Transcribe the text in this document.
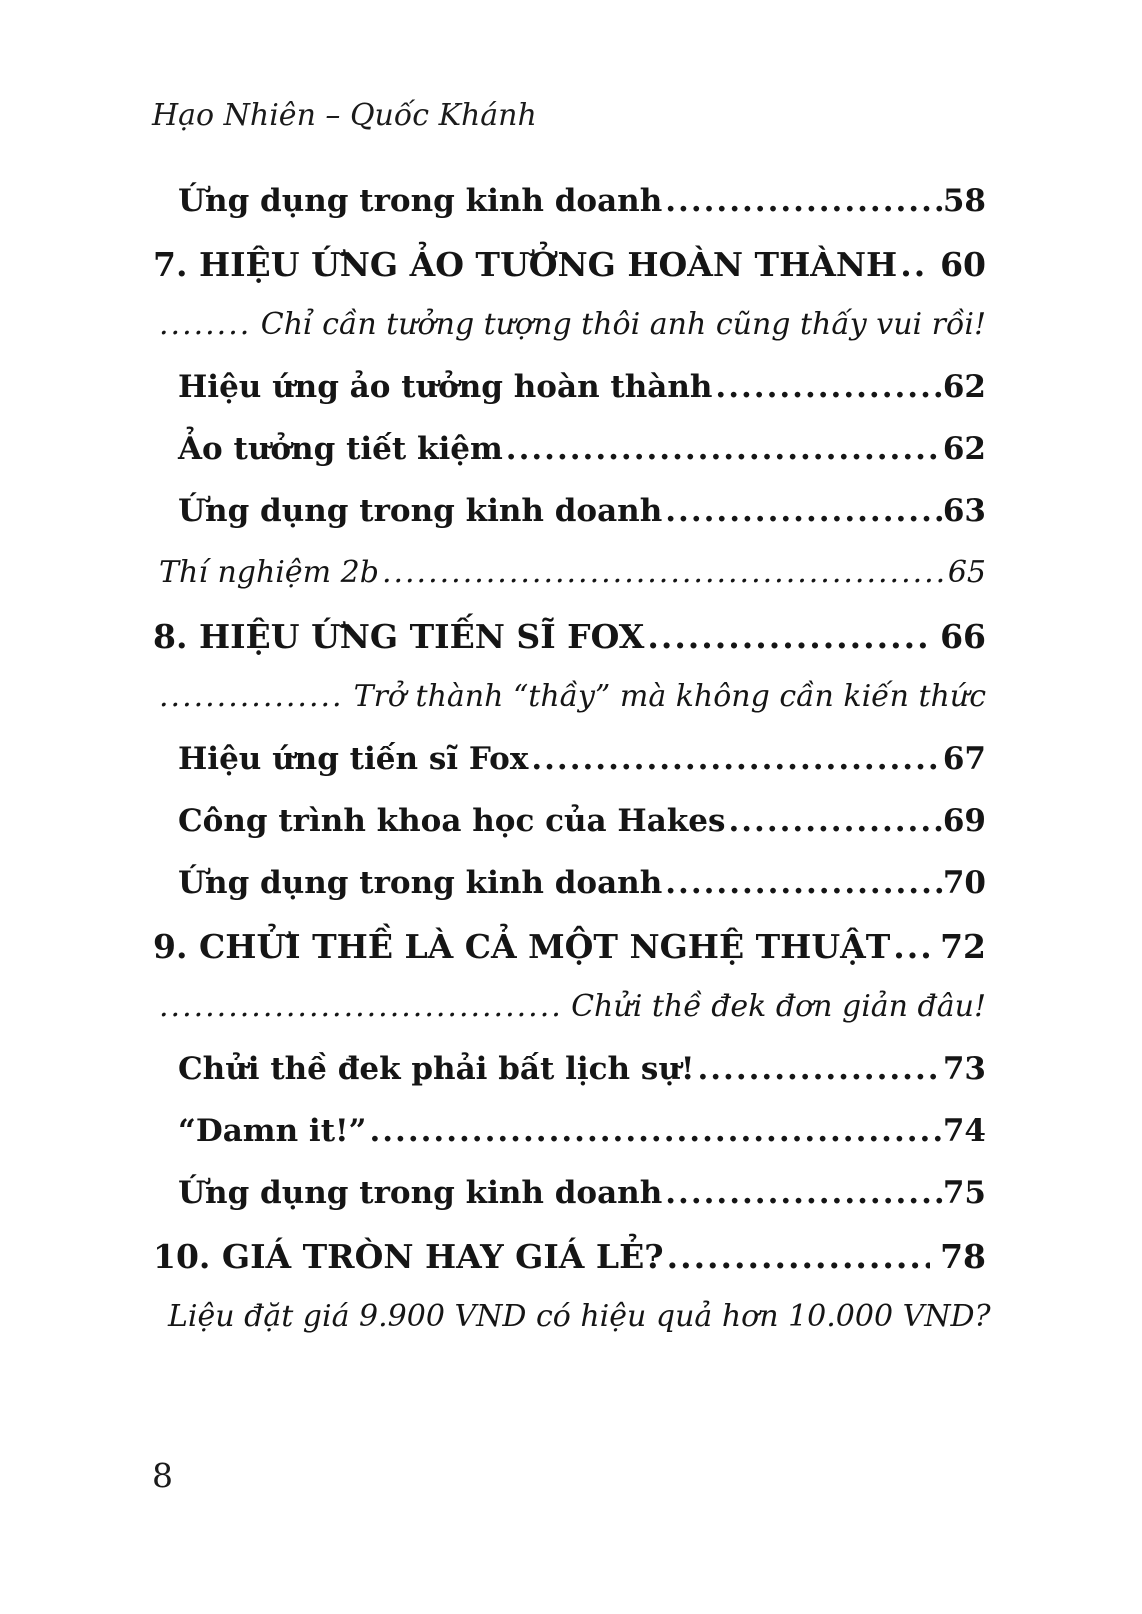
Hạo Nhiên – Quốc Khánh
Ứng dụng trong kinh doanh .....	58
7. HIỆU ỨNG ẢO TƯỞNG HOÀN THÀNH ..... 60
.....
Chỉ cần tưởng tượng thôi anh cũng thấy vui rồi!
Hiệu ứng ảo tưởng hoàn thành .....	62
Ảo tưởng tiết kiệm .....	62
Ứng dụng trong kinh doanh .....	63
Thí nghiệm 2b .....	65
8. HIỆU ỨNG TIẾN SĨ FOX .....	66
.....
Trở thành “thầy” mà không cần kiến thức
Hiệu ứng tiến sĩ Fox .....	67
Công trình khoa học của Hakes .....	69
Ứng dụng trong kinh doanh .....	70
9. CHỬI THỀ LÀ CẢ MỘT NGHỆ THUẬT ..... 72
.....
Chửi thề đek đơn giản đâu!
Chửi thề đek phải bất lịch sự! .....	73
“Damn it!” .....	74
Ứng dụng trong kinh doanh .....	75
10. GIÁ TRÒN HAY GIÁ LẺ? .....	78
Liệu đặt giá 9.900 VND có hiệu quả hơn 10.000 VND?
8
